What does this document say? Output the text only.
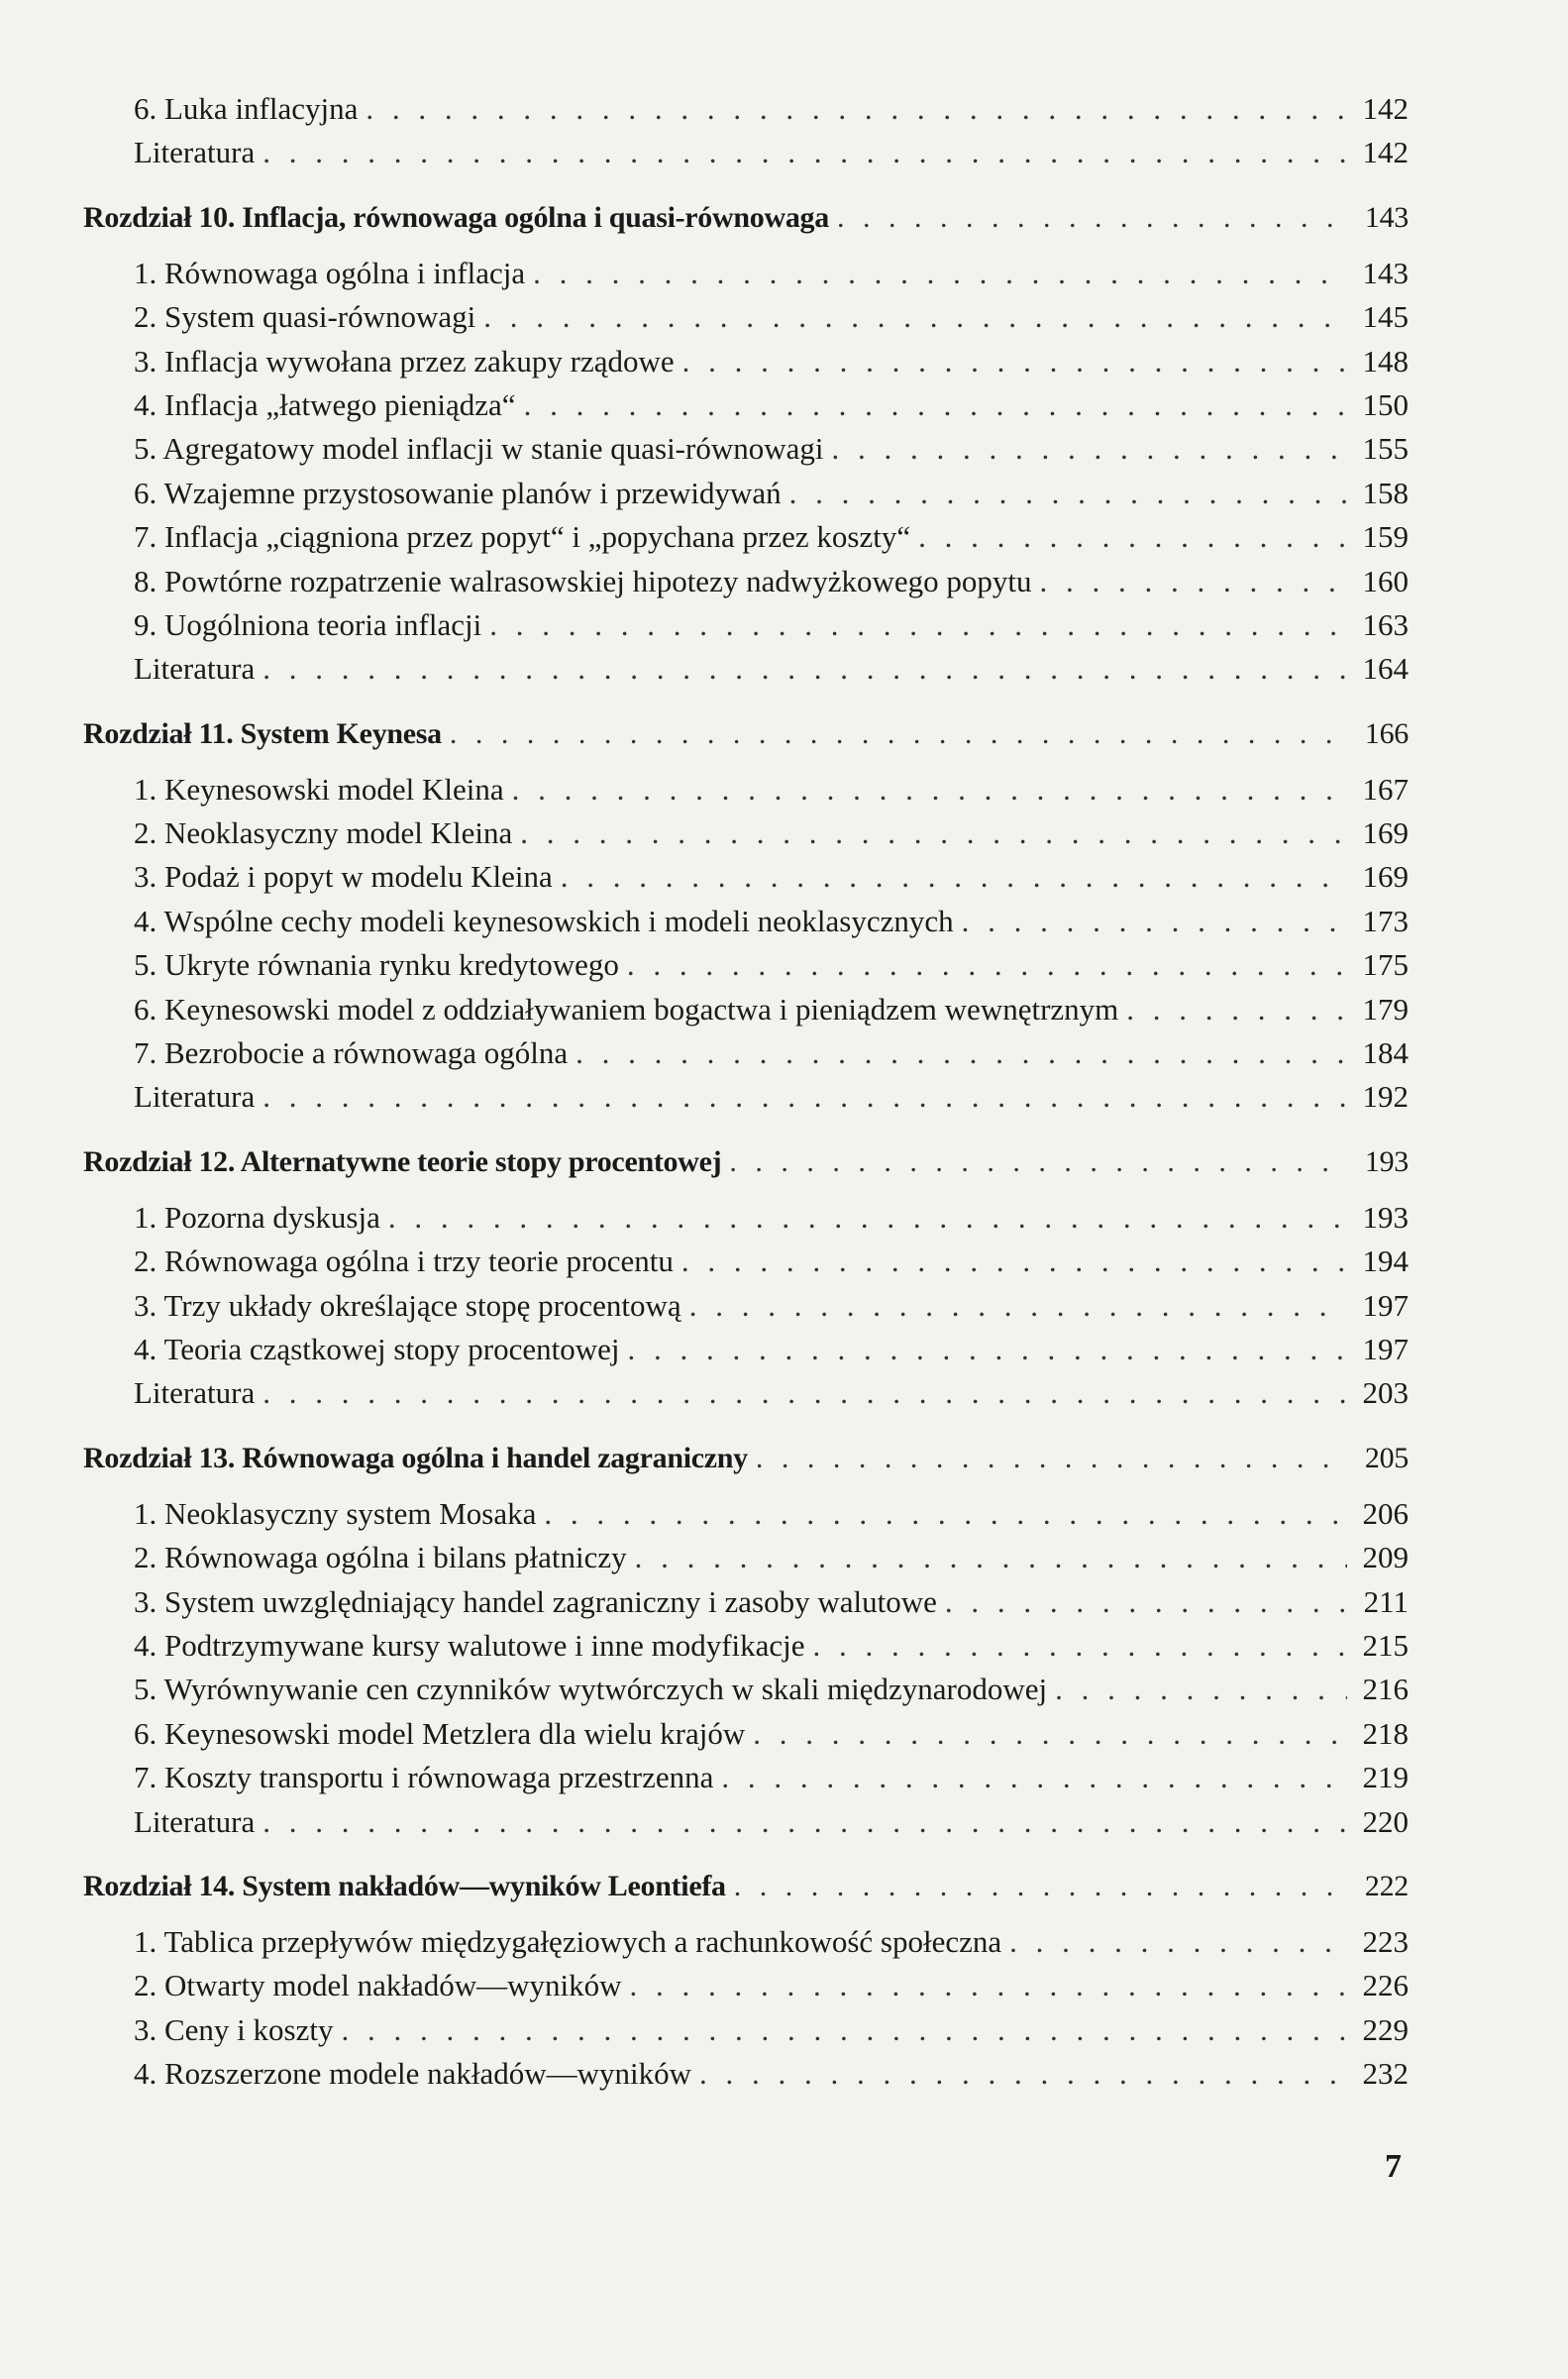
6. Luka inflacyjna . . .	142
Literatura . . .	142
Rozdział 10. Inflacja, równowaga ogólna i quasi-równowaga . . .	143
1. Równowaga ogólna i inflacja . . .	143
2. System quasi-równowagi . . .	145
3. Inflacja wywołana przez zakupy rządowe . . .	148
4. Inflacja „łatwego pieniądza“ . . .	150
5. Agregatowy model inflacji w stanie quasi-równowagi . . .	155
6. Wzajemne przystosowanie planów i przewidywań . . .	158
7. Inflacja „ciągniona przez popyt“ i „popychana przez koszty“ . . .	159
8. Powtórne rozpatrzenie walrasowskiej hipotezy nadwyżkowego popytu . . .	160
9. Uogólniona teoria inflacji . . .	163
Literatura . . .	164
Rozdział 11. System Keynesa . . .	166
1. Keynesowski model Kleina . . .	167
2. Neoklasyczny model Kleina . . .	169
3. Podaż i popyt w modelu Kleina . . .	169
4. Wspólne cechy modeli keynesowskich i modeli neoklasycznych . . .	173
5. Ukryte równania rynku kredytowego . . .	175
6. Keynesowski model z oddziaływaniem bogactwa i pieniądzem wewnętrznym . . .	179
7. Bezrobocie a równowaga ogólna . . .	184
Literatura . . .	192
Rozdział 12. Alternatywne teorie stopy procentowej . . .	193
1. Pozorna dyskusja . . .	193
2. Równowaga ogólna i trzy teorie procentu . . .	194
3. Trzy układy określające stopę procentową . . .	197
4. Teoria cząstkowej stopy procentowej . . .	197
Literatura . . .	203
Rozdział 13. Równowaga ogólna i handel zagraniczny . . .	205
1. Neoklasyczny system Mosaka . . .	206
2. Równowaga ogólna i bilans płatniczy . . .	209
3. System uwzględniający handel zagraniczny i zasoby walutowe . . .	211
4. Podtrzymywane kursy walutowe i inne modyfikacje . . .	215
5. Wyrównywanie cen czynników wytwórczych w skali międzynarodowej . . .	216
6. Keynesowski model Metzlera dla wielu krajów . . .	218
7. Koszty transportu i równowaga przestrzenna . . .	219
Literatura . . .	220
Rozdział 14. System nakładów—wyników Leontiefa . . .	222
1. Tablica przepływów międzygałęziowych a rachunkowość społeczna . . .	223
2. Otwarty model nakładów—wyników . . .	226
3. Ceny i koszty . . .	229
4. Rozszerzone modele nakładów—wyników . . .	232
7
